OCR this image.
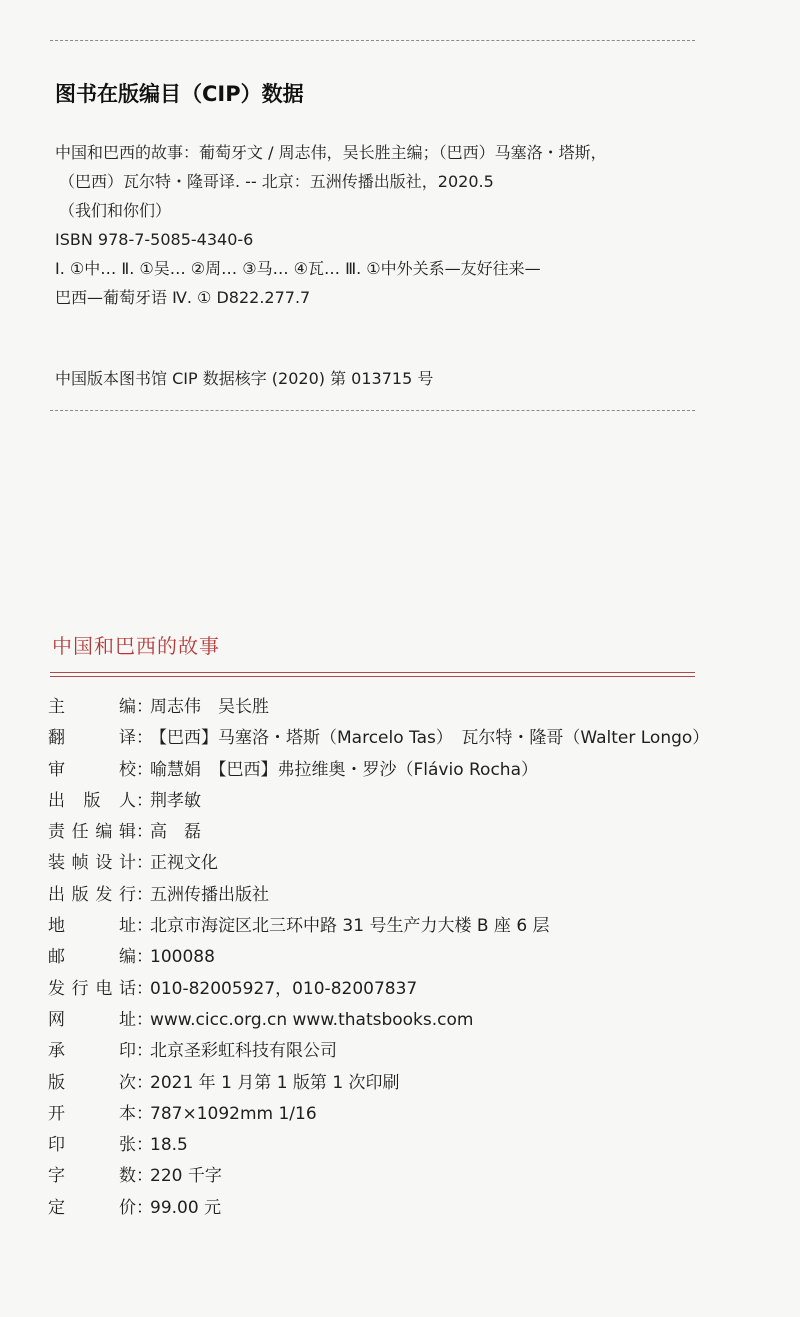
图书在版编目（CIP）数据
中国和巴西的故事：葡萄牙文 / 周志伟，吴长胜主编；（巴西）马塞洛・塔斯，
（巴西）瓦尔特・隆哥译. -- 北京：五洲传播出版社，2020.5
（我们和你们）
ISBN 978-7-5085-4340-6
Ⅰ. ①中… Ⅱ. ①吴… ②周… ③马… ④瓦… Ⅲ. ①中外关系—友好往来—
巴西—葡萄牙语 Ⅳ. ① D822.277.7
中国版本图书馆 CIP 数据核字 (2020) 第 013715 号
中国和巴西的故事
主	编 ：
周志伟　吴长胜
翻	译 ：
【巴西】马塞洛・塔斯（Marcelo Tas）　瓦尔特・隆哥（Walter Longo）
审	校 ：
喻慧娟　【巴西】弗拉维奥・罗沙（Flávio Rocha）
出 版 人 ：
荆孝敏
责 任 编 辑 ：
高　磊
装 帧 设 计 ：
正视文化
出 版 发 行 ：
五洲传播出版社
地	址 ：
北京市海淀区北三环中路 31 号生产力大楼 B 座 6 层
邮	编 ：
100088
发 行 电 话 ：
010-82005927，010-82007837
网	址 ：
www.cicc.org.cn www.thatsbooks.com
承	印 ：
北京圣彩虹科技有限公司
版	次 ：
2021 年 1 月第 1 版第 1 次印刷
开	本 ：
787×1092mm 1/16
印	张 ：
18.5
字	数 ：
220 千字
定	价 ：
99.00 元
